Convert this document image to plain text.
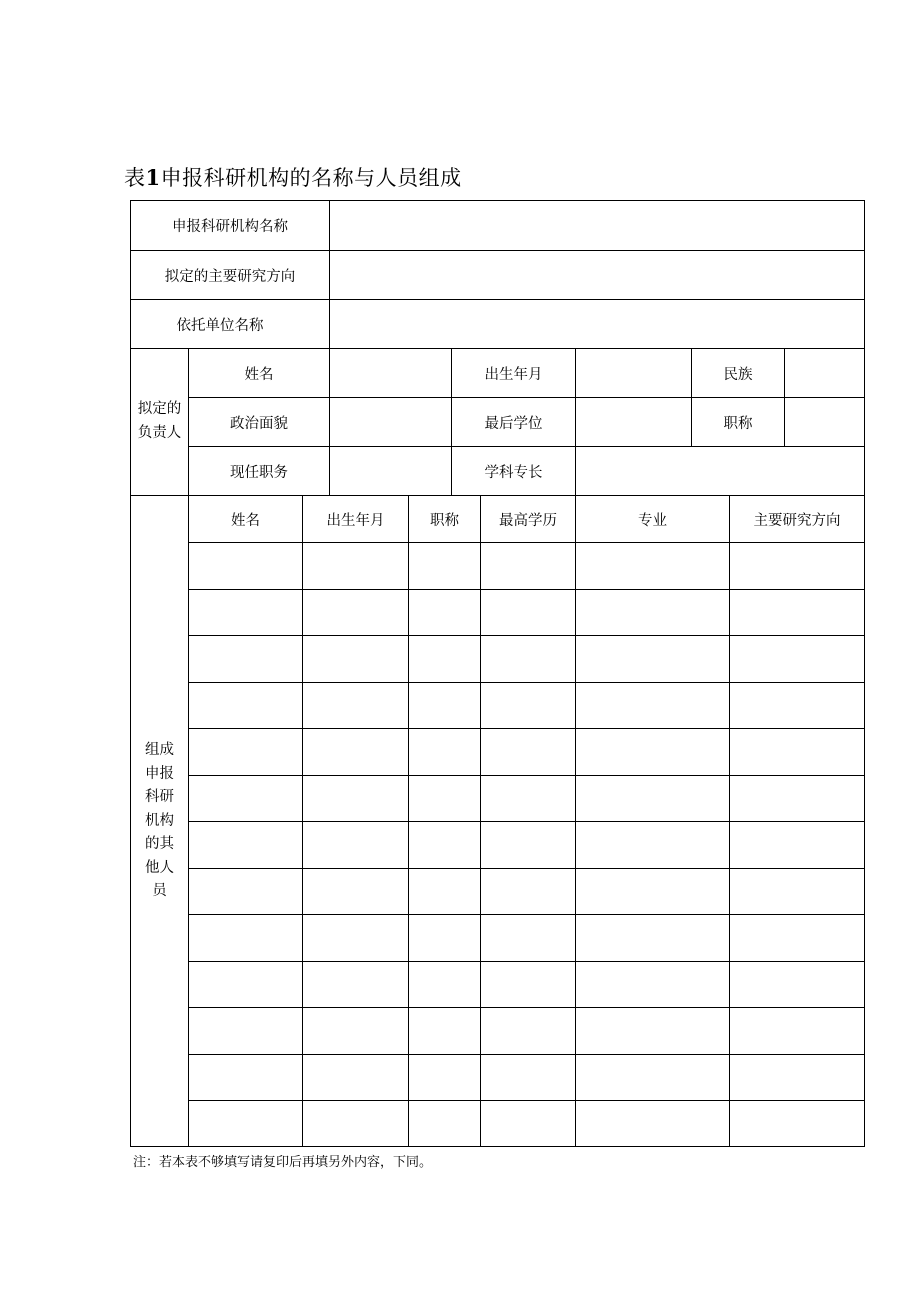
表1申报科研机构的名称与人员组成
申报科研机构名称
拟定的主要研究方向
依托单位名称
拟定的负责人
姓名	出生年月	民族
政治面貌	最后学位	职称
现任职务	学科专长
组成申报科研机构的其他人员
姓名	出生年月	职称	最高学历	专业	主要研究方向
注：若本表不够填写请复印后再填另外内容，下同。
